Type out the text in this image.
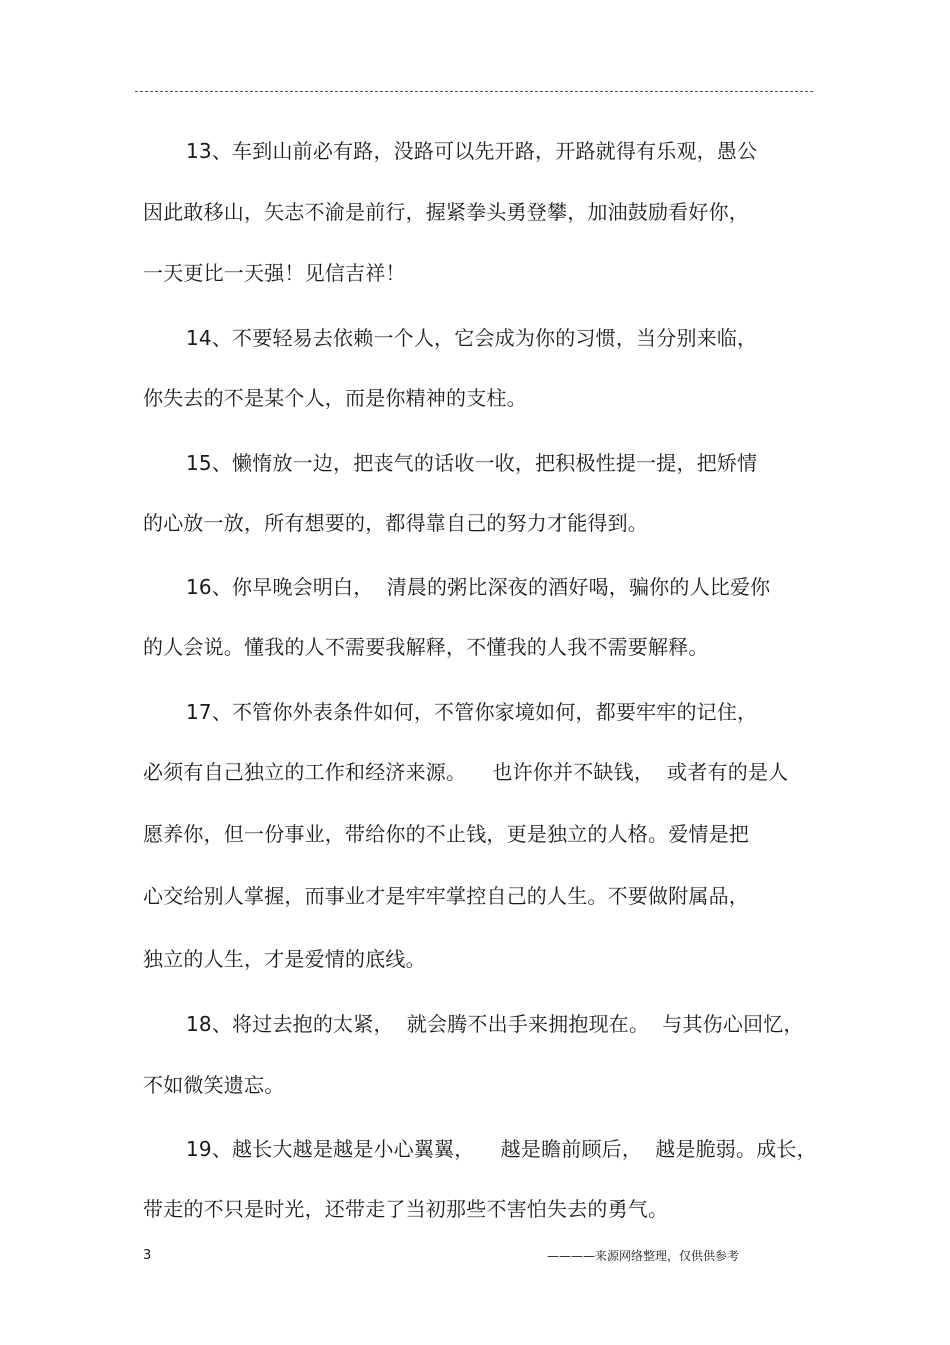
13、车到山前必有路，没路可以先开路，开路就得有乐观，愚公
因此敢移山，矢志不渝是前行，握紧拳头勇登攀，加油鼓励看好你，
一天更比一天强！见信吉祥！
14、不要轻易去依赖一个人，它会成为你的习惯，当分别来临，
你失去的不是某个人，而是你精神的支柱。
15、懒惰放一边，把丧气的话收一收，把积极性提一提，把矫情
的心放一放，所有想要的，都得靠自己的努力才能得到。
16、你早晚会明白，  清晨的粥比深夜的酒好喝，骗你的人比爱你
的人会说。懂我的人不需要我解释，不懂我的人我不需要解释。
17、不管你外表条件如何，不管你家境如何，都要牢牢的记住，
必须有自己独立的工作和经济来源。    也许你并不缺钱，  或者有的是人
愿养你，但一份事业，带给你的不止钱，更是独立的人格。爱情是把
心交给别人掌握，而事业才是牢牢掌控自己的人生。不要做附属品，
独立的人生，才是爱情的底线。
18、将过去抱的太紧，  就会腾不出手来拥抱现在。  与其伤心回忆，
不如微笑遗忘。
19、越长大越是越是小心翼翼，    越是瞻前顾后，  越是脆弱。成长，
带走的不只是时光，还带走了当初那些不害怕失去的勇气。
3	————来源网络整理，仅供供参考
